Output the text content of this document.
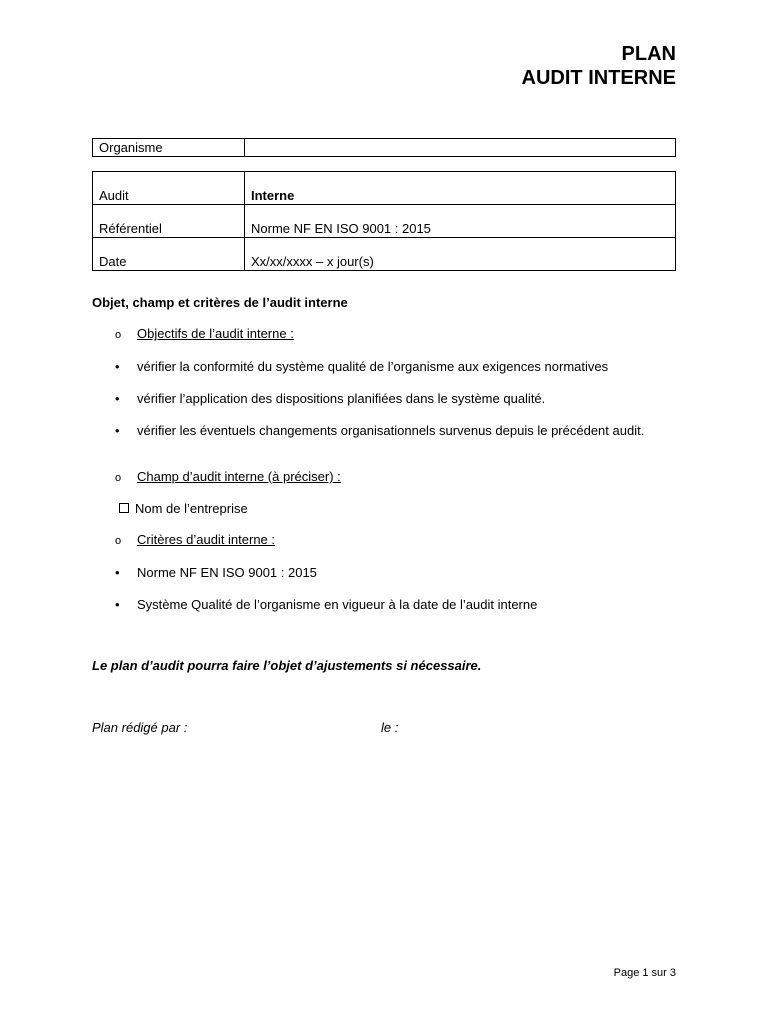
PLAN
AUDIT INTERNE
Organisme	
Audit	Interne
Référentiel	Norme NF EN ISO 9001 : 2015
Date	Xx/xx/xxxx – x jour(s)
Objet, champ et critères de l’audit interne
o Objectifs de l’audit interne :
• vérifier la conformité du système qualité de l’organisme aux exigences normatives
• vérifier l’application des dispositions planifiées dans le système qualité.
• vérifier les éventuels changements organisationnels survenus depuis le précédent audit.
o Champ d’audit interne (à préciser) :
Nom de l’entreprise
o Critères d’audit interne :
• Norme NF EN ISO 9001 : 2015
• Système Qualité de l’organisme en vigueur à la date de l’audit interne
Le plan d’audit pourra faire l’objet d’ajustements si nécessaire.
Plan rédigé par :	le :
Page 1 sur 3
